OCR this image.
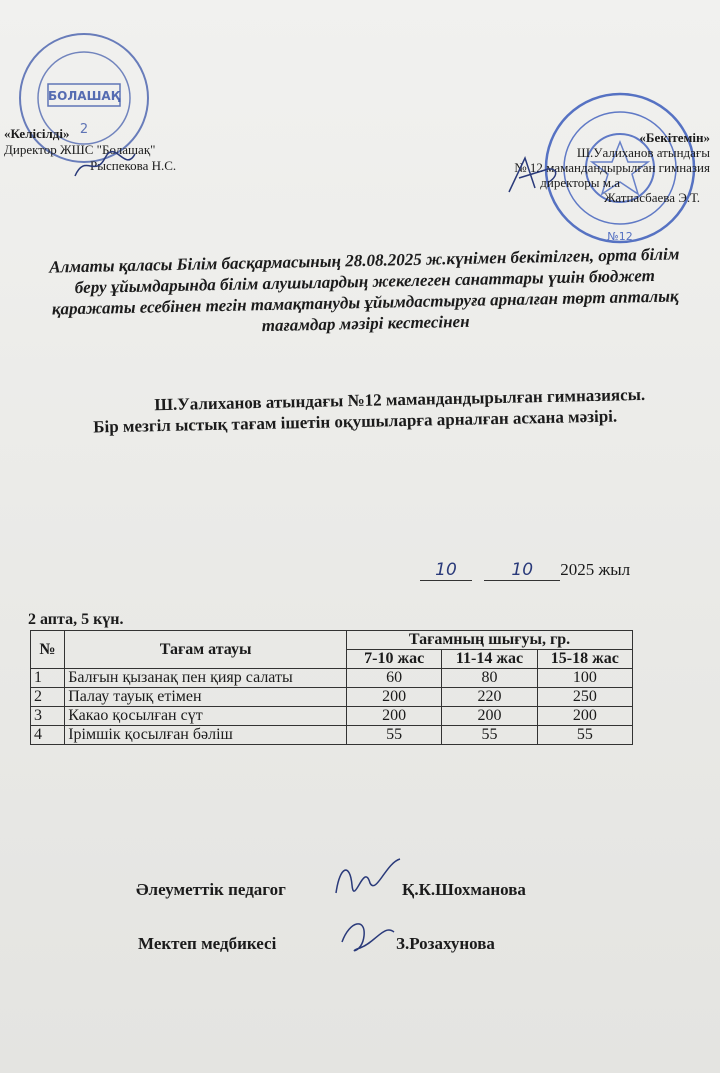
БОЛАШАҚ
2
№12
«Келісілді»
Директор ЖШС "Болашақ"
Рыспекова Н.С.
«Бекітемін»
Ш.Уалиханов атындағы
№ 12 мамандандырылған гимназия
директоры м.а
Жатпасбаева Э.Т.
Алматы қаласы Білім басқармасының 28.08.2025 ж.күнімен бекітілген, орта білім беру ұйымдарында білім алушылардың жекелеген санаттары үшін бюджет қаражаты есебінен тегін тамақтануды ұйымдастыруға арналған төрт апталық тағамдар мәзірі кестесінен
Ш.Уалиханов атындағы №12 мамандандырылған гимназиясы.
Бір мезгіл ыстық тағам ішетін оқушыларға арналған асхана мәзірі.
10	10 2025 жыл
2 апта, 5 күн.
№	Тағам атауы	Тағамның шығуы, гр.		
		7-10 жас	11-14 жас	15-18 жас
1	Балғын қызанақ пен қияр салаты	60	80	100
2	Палау тауық етімен	200	220	250
3	Какао қосылған сүт	200	200	200
4	Ірімшік қосылған бәліш	55	55	55
Әлеуметтік педагог	Қ.К.Шохманова
Мектеп медбикесі	З.Розахунова
